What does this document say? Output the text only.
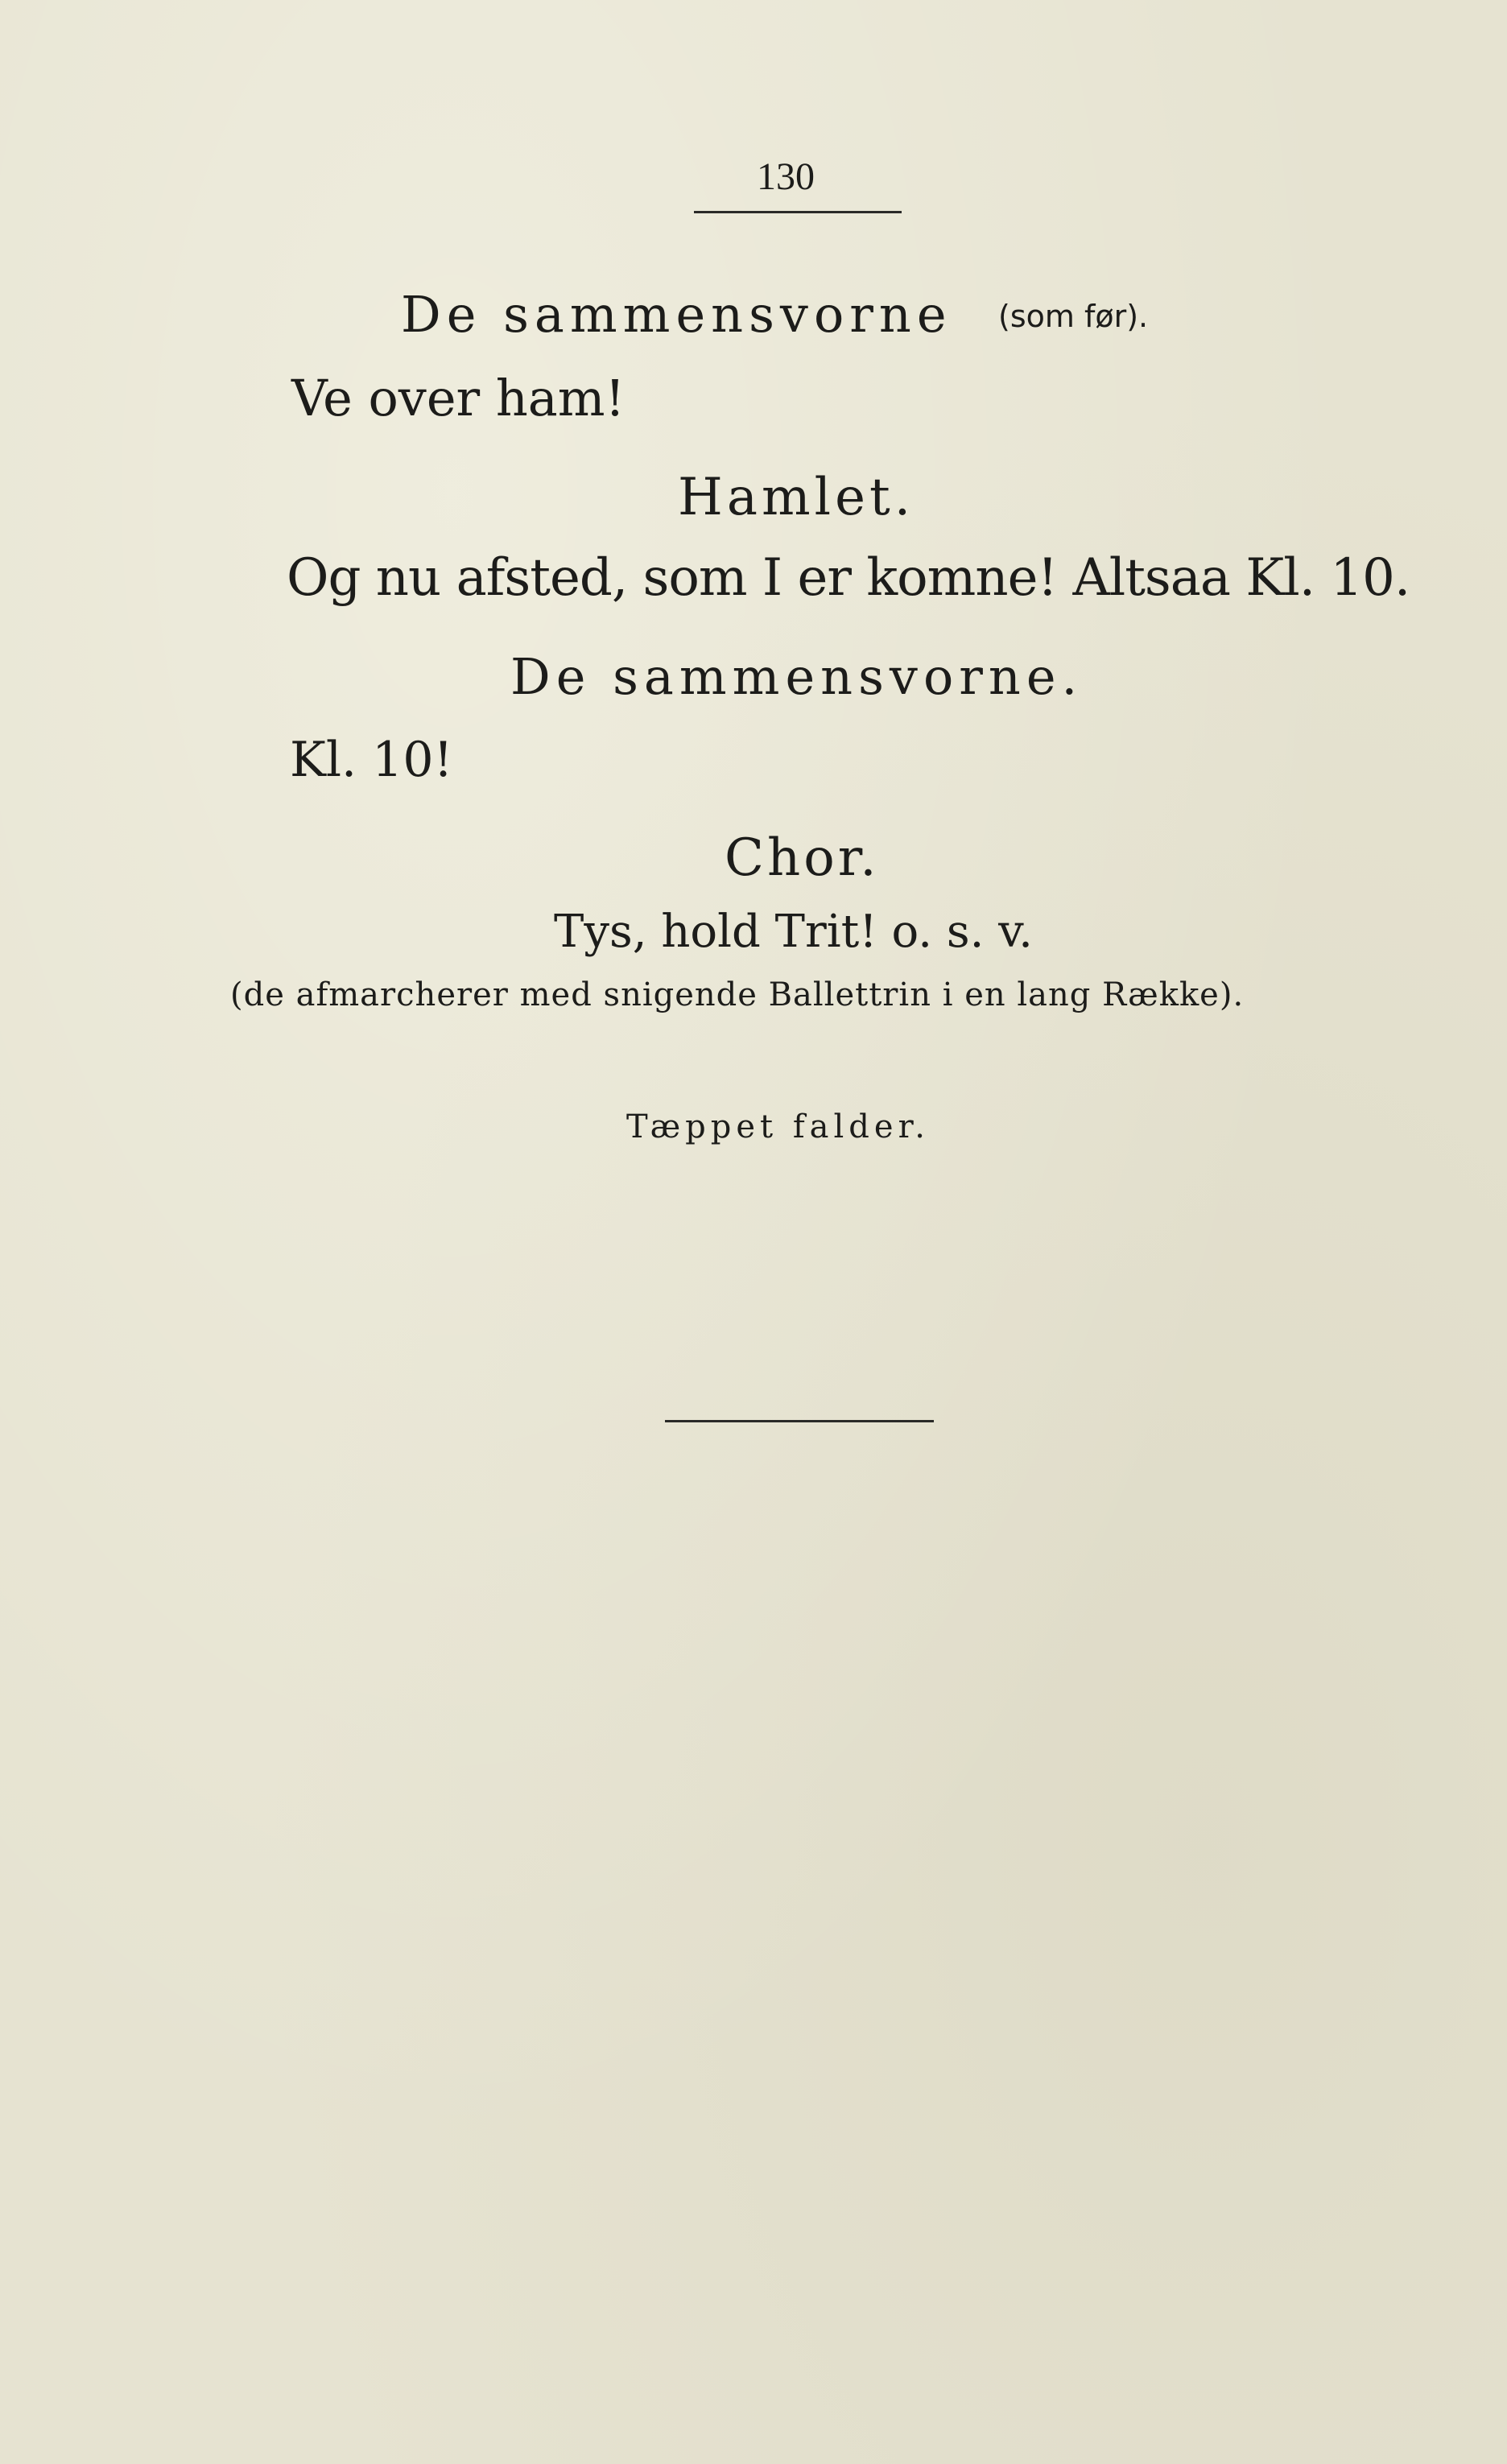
130
De sammensvorne (som før).
Ve over ham!
Hamlet.
Og nu afsted, som I er komne! Altsaa Kl. 10.
De sammensvorne.
Kl. 10!
Chor.
Tys, hold Trit! o. s. v.
(de afmarcherer med snigende Ballettrin i en lang Række).
Tæppet falder.
